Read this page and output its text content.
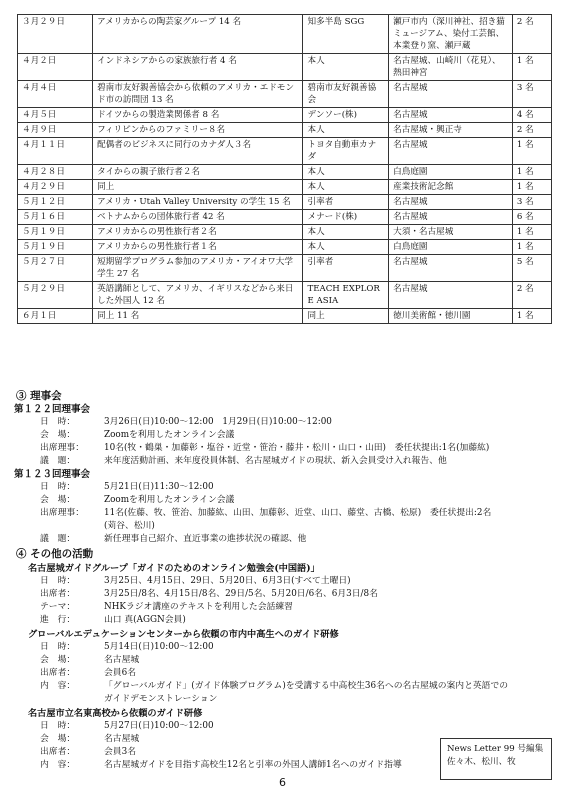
３月２９日	アメリカからの陶芸家グループ 14 名	知多半島 SGG	瀬戸市内（深川神社、招き猫ミュージアム、染付工芸館、本業登り窯、瀬戸蔵	2 名
４月２日	インドネシアからの家族旅行者 4 名	本人	名古屋城、山崎川（花見）、熱田神宮	1 名
４月４日	碧南市友好親善協会から依頼のアメリカ・エドモンド市の訪問団 13 名	碧南市友好親善協会	名古屋城	3 名
４月５日	ドイツからの製造業関係者 8 名	デンソー(株)	名古屋城	4 名
４月９日	フィリピンからのファミリー８名	本人	名古屋城・興正寺	2 名
４月１１日	配偶者のビジネスに同行のカナダ人３名	トヨタ自動車カナダ	名古屋城	1 名
４月２８日	タイからの親子旅行者２名	本人	白鳥庭園	1 名
４月２９日	同上	本人	産業技術記念館	1 名
５月１２日	アメリカ・Utah Valley University の学生 15 名	引率者	名古屋城	3 名
５月１６日	ベトナムからの団体旅行者 42 名	メナード(株)	名古屋城	6 名
５月１９日	アメリカからの男性旅行者２名	本人	大須・名古屋城	1 名
５月１９日	アメリカからの男性旅行者１名	本人	白鳥庭園	1 名
５月２７日	短期留学プログラム参加のアメリカ・アイオワ大学学生 27 名	引率者	名古屋城	5 名
５月２９日	英語講師として、アメリカ、イギリスなどから来日した外国人 12 名	TEACH EXPLORE ASIA	名古屋城	2 名
６月１日	同上 11 名	同上	徳川美術館・徳川園	1 名
③ 理事会
第１２２回理事会
日　時：	3月26日(日)10:00～12:00　1月29日(日)10:00～12:00
会　場：	Zoomを利用したオンライン会議
出席理事： 10名(牧・鶴巣・加藤彰・塩谷・近堂・笹治・藤井・松川・山口・山田)　委任状提出:1名(加藤紘)
議　題：	来年度活動計画、来年度役員体制、名古屋城ガイドの現状、新入会員受け入れ報告、他
第１２３回理事会
日　時：	5月21日(日)11:30～12:00
会　場：	Zoomを利用したオンライン会議
出席理事： 11名(佐藤、牧、笹治、加藤紘、山田、加藤彰、近堂、山口、藤堂、古橋、松原)　委任状提出:2名
(苅谷、松川)
議　題：	新任理事自己紹介、直近事業の進捗状況の確認、他
④ その他の活動
名古屋城ガイドグループ「ガイドのためのオンライン勉強会(中国語)」
日　時：	3月25日、4月15日、29日、5月20日、6月3日(すべて土曜日)
出席者：	3月25日/8名、4月15日/8名、29日/5名、5月20日/6名、6月3日/8名
テーマ：	NHKラジオ講座のテキストを利用した会話練習
進　行：	山口 真(AGGN会員)
グローバルエデュケーションセンターから依頼の市内中高生へのガイド研修
日　時：	5月14日(日)10:00～12:00
会　場：	名古屋城
出席者：	会員6名
内　容：	「グローバルガイド」(ガイド体験プログラム)を受講する中高校生36名への名古屋城の案内と英語での
ガイドデモンストレーション
名古屋市立名東高校から依頼のガイド研修
日　時：	5月27日(日)10:00～12:00
会　場：	名古屋城
出席者：	会員3名
内　容：	名古屋城ガイドを目指す高校生12名と引率の外国人講師1名へのガイド指導
News Letter 99 号編集
佐々木、松川、牧
6
